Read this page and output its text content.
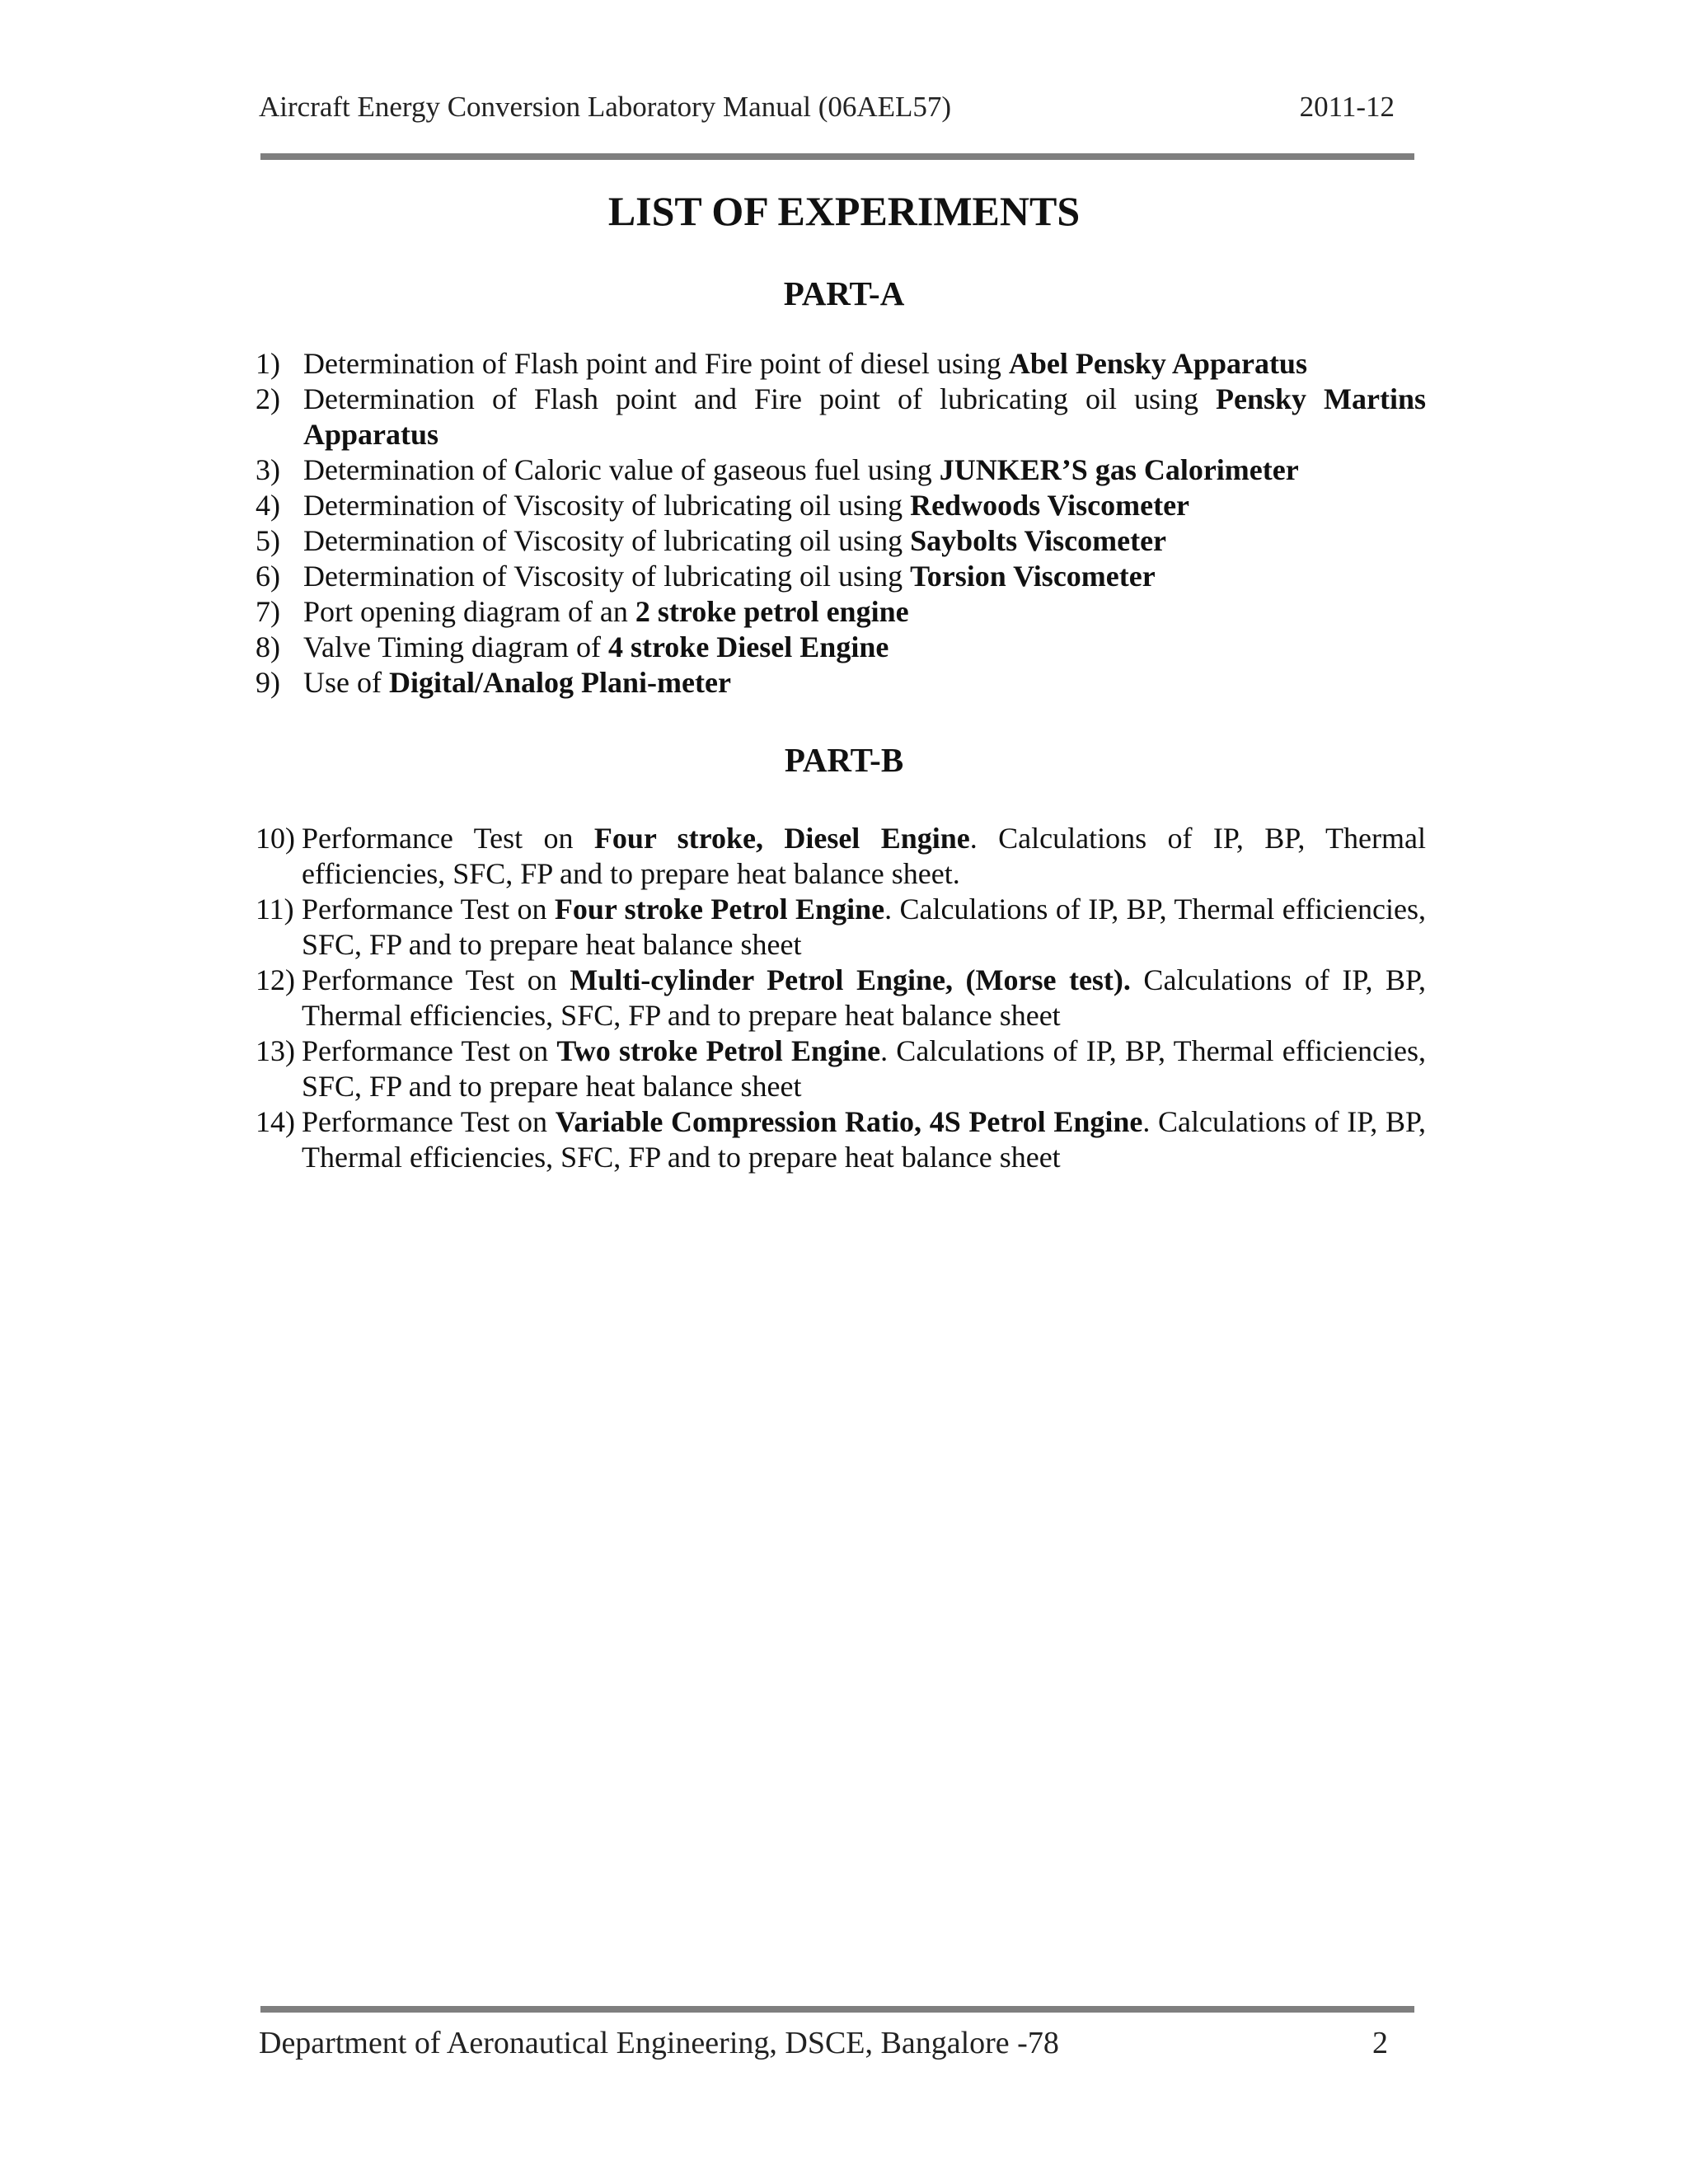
Aircraft Energy Conversion Laboratory Manual (06AEL57)	2011-12
LIST OF EXPERIMENTS
PART-A
1) Determination of Flash point and Fire point of diesel using Abel Pensky Apparatus
2) Determination of Flash point and Fire point of lubricating oil using Pensky Martins Apparatus
3) Determination of Caloric value of gaseous fuel using JUNKER’S gas Calorimeter
4) Determination of Viscosity of lubricating oil using Redwoods Viscometer
5) Determination of Viscosity of lubricating oil using Saybolts Viscometer
6) Determination of Viscosity of lubricating oil using Torsion Viscometer
7) Port opening diagram of an 2 stroke petrol engine
8) Valve Timing diagram of 4 stroke Diesel Engine
9) Use of Digital/Analog Plani-meter
PART-B
10) Performance Test on Four stroke, Diesel Engine. Calculations of IP, BP, Thermal efficiencies, SFC, FP and to prepare heat balance sheet.
11) Performance Test on Four stroke Petrol Engine. Calculations of IP, BP, Thermal efficiencies, SFC, FP and to prepare heat balance sheet
12) Performance Test on Multi-cylinder Petrol Engine, (Morse test). Calculations of IP, BP, Thermal efficiencies, SFC, FP and to prepare heat balance sheet
13) Performance Test on Two stroke Petrol Engine. Calculations of IP, BP, Thermal efficiencies, SFC, FP and to prepare heat balance sheet
14) Performance Test on Variable Compression Ratio, 4S Petrol Engine. Calculations of IP, BP, Thermal efficiencies, SFC, FP and to prepare heat balance sheet
Department of Aeronautical Engineering, DSCE, Bangalore -78	2
